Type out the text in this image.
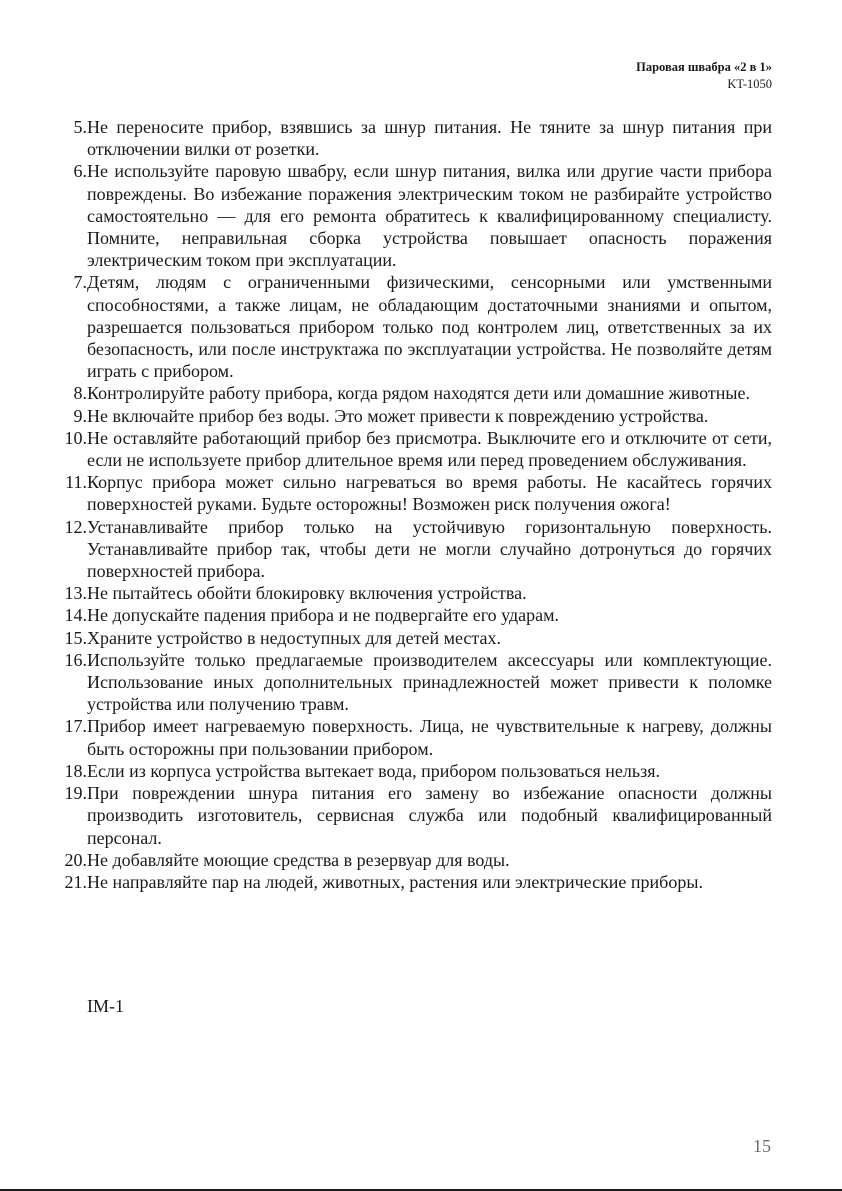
Паровая швабра «2 в 1»
KT-1050
5. Не переносите прибор, взявшись за шнур питания. Не тяните за шнур питания при отключении вилки от розетки.
6. Не используйте паровую швабру, если шнур питания, вилка или другие части прибора повреждены. Во избежание поражения электрическим током не разбирайте устройство самостоятельно — для его ремонта обратитесь к квалифицированному специалисту. Помните, неправильная сборка устройства повышает опасность поражения электрическим током при эксплуатации.
7. Детям, людям с ограниченными физическими, сенсорными или умственными способностями, а также лицам, не обладающим достаточными знаниями и опытом, разрешается пользоваться прибором только под контролем лиц, ответственных за их безопасность, или после инструктажа по эксплуатации устройства. Не позволяйте детям играть с прибором.
8. Контролируйте работу прибора, когда рядом находятся дети или домашние животные.
9. Не включайте прибор без воды. Это может привести к повреждению устройства.
10. Не оставляйте работающий прибор без присмотра. Выключите его и отключите от сети, если не используете прибор длительное время или перед проведением обслуживания.
11. Корпус прибора может сильно нагреваться во время работы. Не касайтесь горячих поверхностей руками. Будьте осторожны! Возможен риск получения ожога!
12. Устанавливайте прибор только на устойчивую горизонтальную поверхность. Устанавливайте прибор так, чтобы дети не могли случайно дотронуться до горячих поверхностей прибора.
13. Не пытайтесь обойти блокировку включения устройства.
14. Не допускайте падения прибора и не подвергайте его ударам.
15. Храните устройство в недоступных для детей местах.
16. Используйте только предлагаемые производителем аксессуары или комплектующие. Использование иных дополнительных принадлежностей может привести к поломке устройства или получению травм.
17. Прибор имеет нагреваемую поверхность. Лица, не чувствительные к нагреву, должны быть осторожны при пользовании прибором.
18. Если из корпуса устройства вытекает вода, прибором пользоваться нельзя.
19. При повреждении шнура питания его замену во избежание опасности должны производить изготовитель, сервисная служба или подобный квалифицированный персонал.
20. Не добавляйте моющие средства в резервуар для воды.
21. Не направляйте пар на людей, животных, растения или электрические приборы.
IM-1
15
